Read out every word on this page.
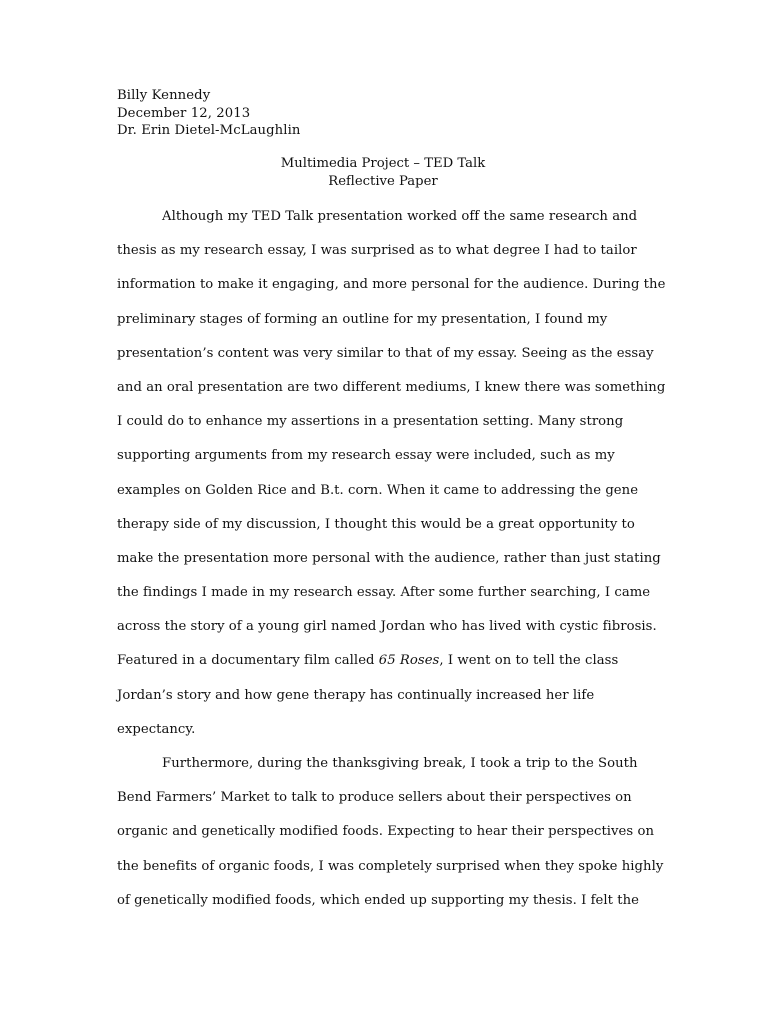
Billy Kennedy
December 12, 2013
Dr. Erin Dietel-McLaughlin
Multimedia Project – TED Talk
Reflective Paper
Although my TED Talk presentation worked off the same research and
thesis as my research essay, I was surprised as to what degree I had to tailor
information to make it engaging, and more personal for the audience. During the
preliminary stages of forming an outline for my presentation, I found my
presentation’s content was very similar to that of my essay. Seeing as the essay
and an oral presentation are two different mediums, I knew there was something
I could do to enhance my assertions in a presentation setting. Many strong
supporting arguments from my research essay were included, such as my
examples on Golden Rice and B.t. corn. When it came to addressing the gene
therapy side of my discussion, I thought this would be a great opportunity to
make the presentation more personal with the audience, rather than just stating
the findings I made in my research essay. After some further searching, I came
across the story of a young girl named Jordan who has lived with cystic fibrosis.
Featured in a documentary film called 65 Roses, I went on to tell the class
Jordan’s story and how gene therapy has continually increased her life
expectancy.
Furthermore, during the thanksgiving break, I took a trip to the South
Bend Farmers’ Market to talk to produce sellers about their perspectives on
organic and genetically modified foods. Expecting to hear their perspectives on
the benefits of organic foods, I was completely surprised when they spoke highly
of genetically modified foods, which ended up supporting my thesis. I felt the
